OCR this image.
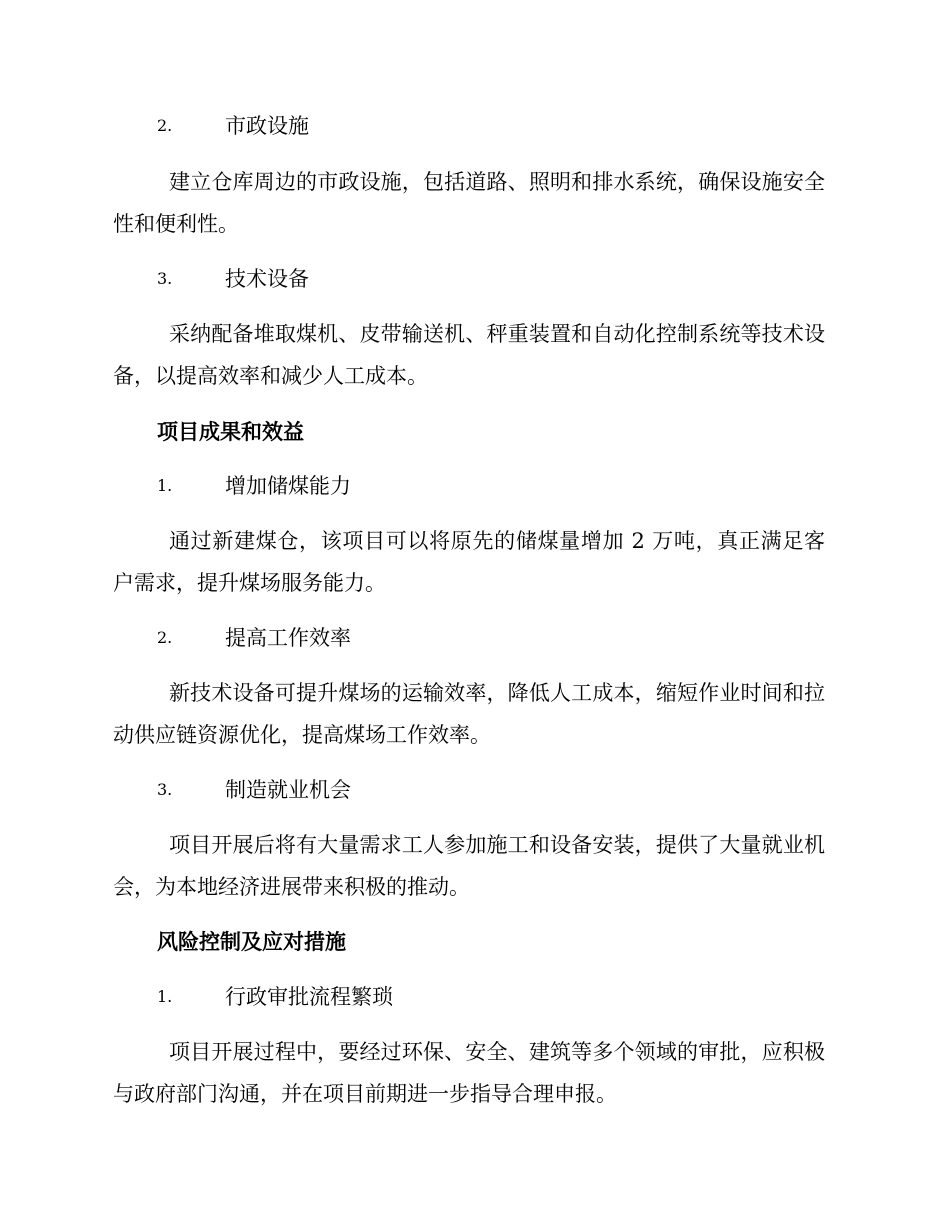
2.	市政设施

建立仓库周边的市政设施，包括道路、照明和排水系统，确保设施安全性和便利性。

3.	技术设备

采纳配备堆取煤机、皮带输送机、秤重装置和自动化控制系统等技术设备，以提高效率和减少人工成本。

项目成果和效益
1.	增加储煤能力

通过新建煤仓，该项目可以将原先的储煤量增加 2 万吨，真正满足客户需求，提升煤场服务能力。

2.	提高工作效率

新技术设备可提升煤场的运输效率，降低人工成本，缩短作业时间和拉动供应链资源优化，提高煤场工作效率。

3.	制造就业机会

项目开展后将有大量需求工人参加施工和设备安装，提供了大量就业机会，为本地经济进展带来积极的推动。

风险控制及应对措施
1.	行政审批流程繁琐

项目开展过程中，要经过环保、安全、建筑等多个领域的审批，应积极与政府部门沟通，并在项目前期进一步指导合理申报。
